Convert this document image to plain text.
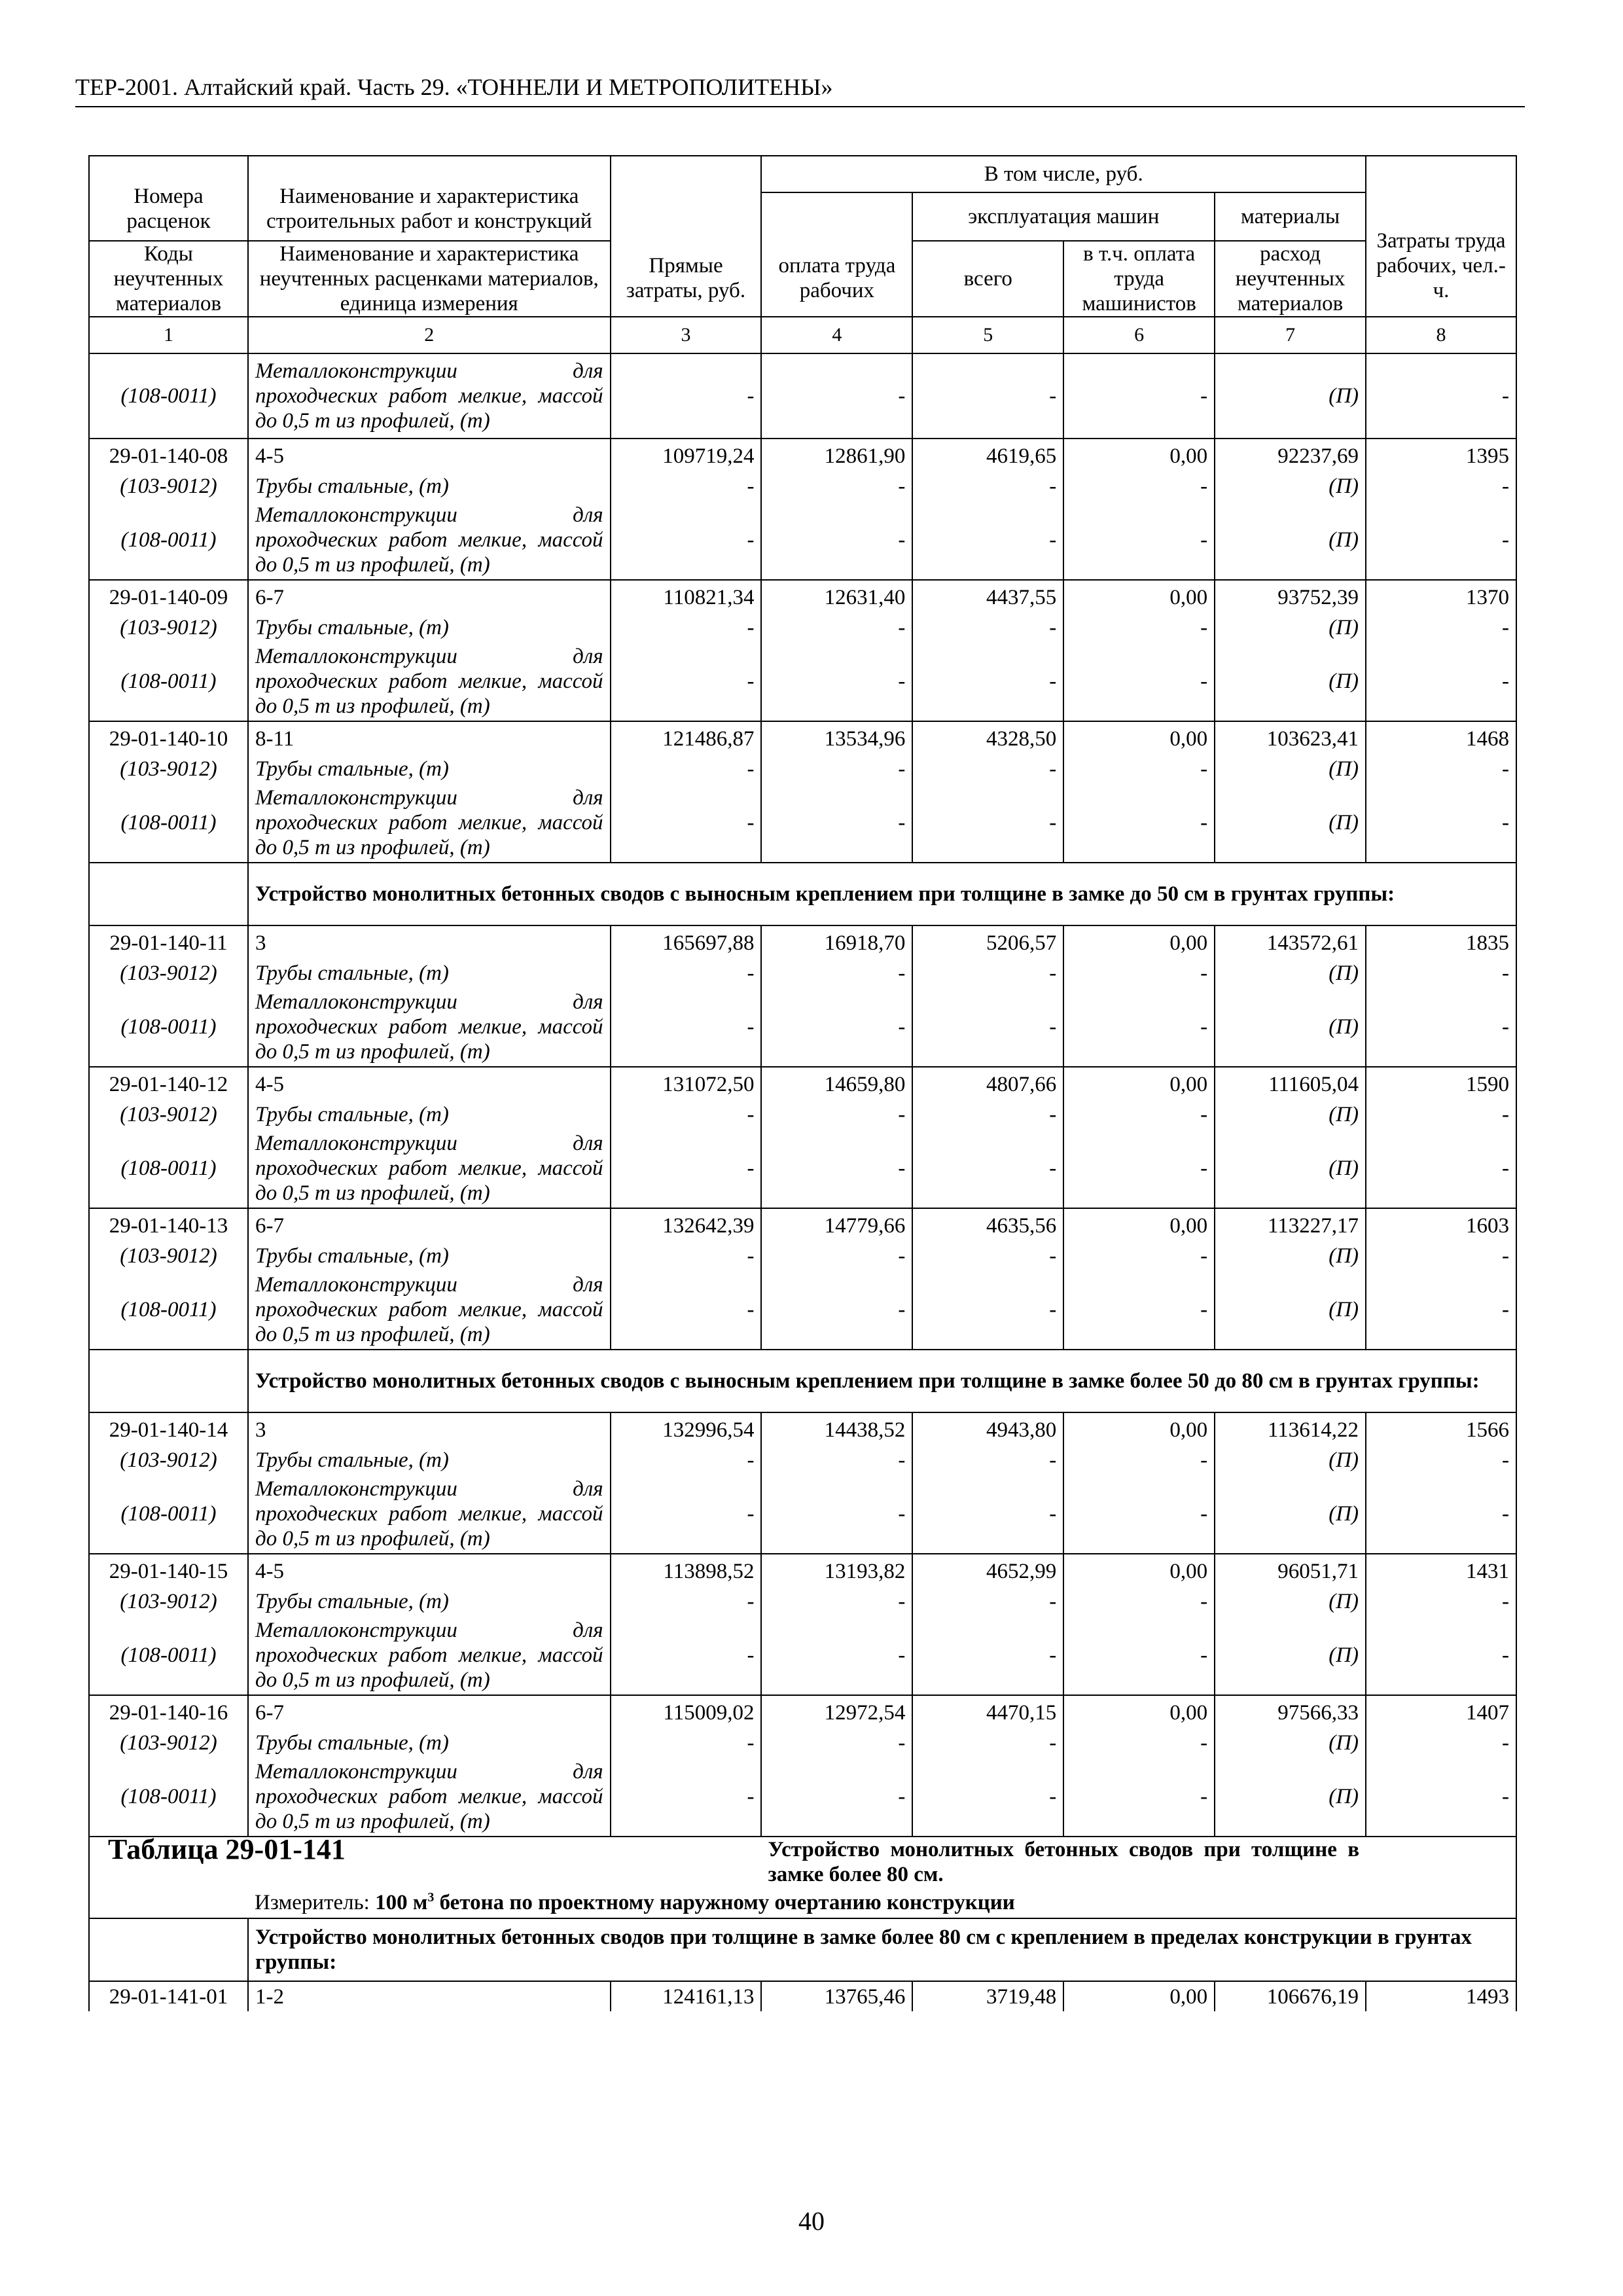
ТЕР-2001. Алтайский край. Часть 29. «ТОННЕЛИ И МЕТРОПОЛИТЕНЫ»
Номера расценок	Наименование и характеристика строительных работ и конструкций	Прямые затраты, руб.	В том числе, руб.				Затраты труда рабочих, чел.-ч.
			оплата труда рабочих	эксплуатация машин		материалы	
Коды неучтенных материалов	Наименование и характеристика неучтенных расценками материалов, единица измерения			всего	в т.ч. оплата труда машинистов	расход неучтенных материалов	
1	2	3	4	5	6	7	8
(108-0011)	Металлоконструкции для проходческих работ мелкие, массой до 0,5 т из профилей, (т)	-	-	-	-	(П)	-
29-01-140-08	4-5	109719,24	12861,90	4619,65	0,00	92237,69	1395
(103-9012)	Трубы стальные, (т)	-	-	-	-	(П)	-
(108-0011)	Металлоконструкции для проходческих работ мелкие, массой до 0,5 т из профилей, (т)	-	-	-	-	(П)	-
29-01-140-09	6-7	110821,34	12631,40	4437,55	0,00	93752,39	1370
(103-9012)	Трубы стальные, (т)	-	-	-	-	(П)	-
(108-0011)	Металлоконструкции для проходческих работ мелкие, массой до 0,5 т из профилей, (т)	-	-	-	-	(П)	-
29-01-140-10	8-11	121486,87	13534,96	4328,50	0,00	103623,41	1468
(103-9012)	Трубы стальные, (т)	-	-	-	-	(П)	-
(108-0011)	Металлоконструкции для проходческих работ мелкие, массой до 0,5 т из профилей, (т)	-	-	-	-	(П)	-
	Устройство монолитных бетонных сводов с выносным креплением при толщине в замке до 50 см в грунтах группы:						
29-01-140-11	3	165697,88	16918,70	5206,57	0,00	143572,61	1835
(103-9012)	Трубы стальные, (т)	-	-	-	-	(П)	-
(108-0011)	Металлоконструкции для проходческих работ мелкие, массой до 0,5 т из профилей, (т)	-	-	-	-	(П)	-
29-01-140-12	4-5	131072,50	14659,80	4807,66	0,00	111605,04	1590
(103-9012)	Трубы стальные, (т)	-	-	-	-	(П)	-
(108-0011)	Металлоконструкции для проходческих работ мелкие, массой до 0,5 т из профилей, (т)	-	-	-	-	(П)	-
29-01-140-13	6-7	132642,39	14779,66	4635,56	0,00	113227,17	1603
(103-9012)	Трубы стальные, (т)	-	-	-	-	(П)	-
(108-0011)	Металлоконструкции для проходческих работ мелкие, массой до 0,5 т из профилей, (т)	-	-	-	-	(П)	-
	Устройство монолитных бетонных сводов с выносным креплением при толщине в замке более 50 до 80 см в грунтах группы:						
29-01-140-14	3	132996,54	14438,52	4943,80	0,00	113614,22	1566
(103-9012)	Трубы стальные, (т)	-	-	-	-	(П)	-
(108-0011)	Металлоконструкции для проходческих работ мелкие, массой до 0,5 т из профилей, (т)	-	-	-	-	(П)	-
29-01-140-15	4-5	113898,52	13193,82	4652,99	0,00	96051,71	1431
(103-9012)	Трубы стальные, (т)	-	-	-	-	(П)	-
(108-0011)	Металлоконструкции для проходческих работ мелкие, массой до 0,5 т из профилей, (т)	-	-	-	-	(П)	-
29-01-140-16	6-7	115009,02	12972,54	4470,15	0,00	97566,33	1407
(103-9012)	Трубы стальные, (т)	-	-	-	-	(П)	-
(108-0011)	Металлоконструкции для проходческих работ мелкие, массой до 0,5 т из профилей, (т)	-	-	-	-	(П)	-
Таблица 29-01-141			Устройство монолитных бетонных сводов при толщине в замке более 80 см.				
	Измеритель: 100 $м^3$ бетона по проектному наружному очертанию конструкции						
	Устройство монолитных бетонных сводов при толщине в замке более 80 см с креплением в пределах конструкции в грунтах группы:						
29-01-141-01	1-2	124161,13	13765,46	3719,48	0,00	106676,19	1493
40
